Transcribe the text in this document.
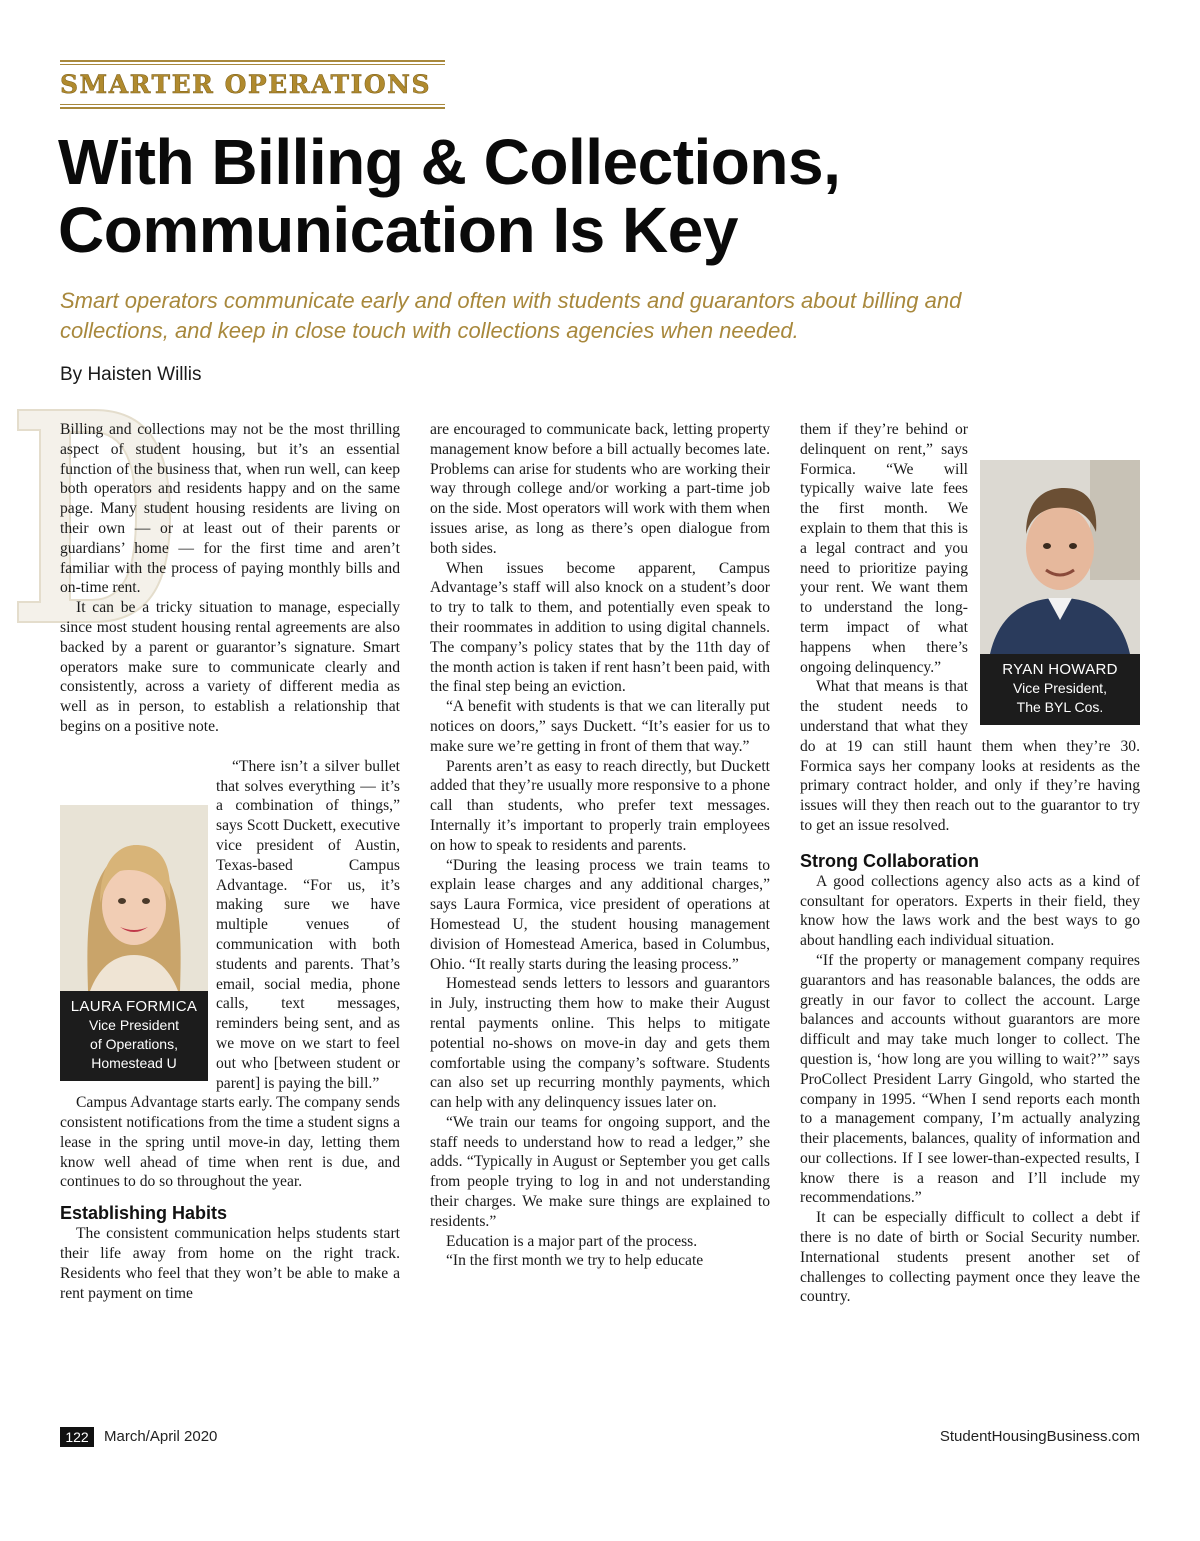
SMARTER OPERATIONS
With Billing & Collections,
Communication Is Key
Smart operators communicate early and often with students and guarantors about billing and
collections, and keep in close touch with collections agencies when needed.
By Haisten Willis

Billing and collections may not be the most thrilling aspect of student housing, but it’s an essential function of the business that, when run well, can keep both operators and residents happy and on the same page. Many student housing residents are living on their own — or at least out of their parents or guardians’ home — for the first time and aren’t familiar with the process of paying monthly bills and on-time rent.

It can be a tricky situation to manage, especially since most student housing rental agreements are also backed by a parent or guarantor’s signature. Smart operators make sure to communicate clearly and consistently, across a variety of different media as well as in person, to establish a relationship that begins on a positive note.

LAURA FORMICA
Vice President
of Operations,
Homestead U

“There isn’t a silver bullet that solves everything — it’s a combination of things,” says Scott Duckett, executive vice president of Austin, Texas-based Campus Advantage. “For us, it’s making sure we have multiple venues of communication with both students and parents. That’s email, social media, phone calls, text messages, reminders being sent, and as we move on we start to feel out who [between student or parent] is paying the bill.”

Campus Advantage starts early. The company sends consistent notifications from the time a student signs a lease in the spring until move-in day, letting them know well ahead of time when rent is due, and continues to do so throughout the year.

Establishing Habits

The consistent communication helps students start their life away from home on the right track. Residents who feel that they won’t be able to make a rent payment on time

are encouraged to communicate back, letting property management know before a bill actually becomes late. Problems can arise for students who are working their way through college and/or working a part-time job on the side. Most operators will work with them when issues arise, as long as there’s open dialogue from both sides.

When issues become apparent, Campus Advantage’s staff will also knock on a student’s door to try to talk to them, and potentially even speak to their roommates in addition to using digital channels. The company’s policy states that by the 11th day of the month action is taken if rent hasn’t been paid, with the final step being an eviction.

“A benefit with students is that we can literally put notices on doors,” says Duckett. “It’s easier for us to make sure we’re getting in front of them that way.”

Parents aren’t as easy to reach directly, but Duckett added that they’re usually more responsive to a phone call than students, who prefer text messages. Internally it’s important to properly train employees on how to speak to residents and parents.

“During the leasing process we train teams to explain lease charges and any additional charges,” says Laura Formica, vice president of operations at Homestead U, the student housing management division of Homestead America, based in Columbus, Ohio. “It really starts during the leasing process.”

Homestead sends letters to lessors and guarantors in July, instructing them how to make their August rental payments online. This helps to mitigate potential no-shows on move-in day and gets them comfortable using the company’s software. Students can also set up recurring monthly payments, which can help with any delinquency issues later on.

“We train our teams for ongoing support, and the staff needs to understand how to read a ledger,” she adds. “Typically in August or September you get calls from people trying to log in and not understanding their charges. We make sure things are explained to residents.”

Education is a major part of the process.

“In the first month we try to help educate

RYAN HOWARD
Vice President,
The BYL Cos.

them if they’re behind or delinquent on rent,” says Formica. “We will typically waive late fees the first month. We explain to them that this is a legal contract and you need to prioritize paying your rent. We want them to understand the long-term impact of what happens when there’s ongoing delinquency.”

What that means is that the student needs to understand that what they do at 19 can still haunt them when they’re 30. Formica says her company looks at residents as the primary contract holder, and only if they’re having issues will they then reach out to the guarantor to try to get an issue resolved.

Strong Collaboration

A good collections agency also acts as a kind of consultant for operators. Experts in their field, they know how the laws work and the best ways to go about handling each individual situation.

“If the property or management company requires guarantors and has reasonable balances, the odds are greatly in our favor to collect the account. Large balances and accounts without guarantors are more difficult and may take much longer to collect. The question is, ‘how long are you willing to wait?’” says ProCollect President Larry Gingold, who started the company in 1995. “When I send reports each month to a management company, I’m actually analyzing their placements, balances, quality of information and our collections. If I see lower-than-expected results, I know there is a reason and I’ll include my recommendations.”

It can be especially difficult to collect a debt if there is no date of birth or Social Security number. International students present another set of challenges to collecting payment once they leave the country.

122	March/April 2020	StudentHousingBusiness.com
